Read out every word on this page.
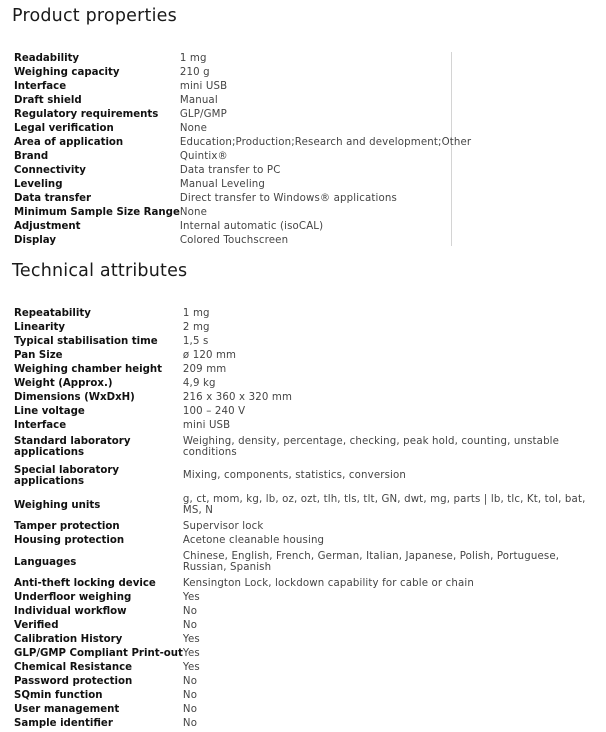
Product properties
Readability	1 mg
Weighing capacity	210 g
Interface	mini USB
Draft shield	Manual
Regulatory requirements	GLP/GMP
Legal verification	None
Area of application	Education;Production;Research and development;Other
Brand	Quintix®
Connectivity	Data transfer to PC
Leveling	Manual Leveling
Data transfer	Direct transfer to Windows® applications
Minimum Sample Size Range	None
Adjustment	Internal automatic (isoCAL)
Display	Colored Touchscreen
Technical attributes
Repeatability	1 mg
Linearity	2 mg
Typical stabilisation time	1,5 s
Pan Size	ø 120 mm
Weighing chamber height	209 mm
Weight (Approx.)	4,9 kg
Dimensions (WxDxH)	216 x 360 x 320 mm
Line voltage	100 – 240 V
Interface	mini USB
Standard laboratory applications	Weighing, density, percentage, checking, peak hold, counting, unstable conditions
Special laboratory applications	Mixing, components, statistics, conversion
Weighing units	g, ct, mom, kg, lb, oz, ozt, tlh, tls, tlt, GN, dwt, mg, parts | lb, tlc, Kt, tol, bat, MS, N
Tamper protection	Supervisor lock
Housing protection	Acetone cleanable housing
Languages	Chinese, English, French, German, Italian, Japanese, Polish, Portuguese, Russian, Spanish
Anti-theft locking device	Kensington Lock, lockdown capability for cable or chain
Underfloor weighing	Yes
Individual workflow	No
Verified	No
Calibration History	Yes
GLP/GMP Compliant Print-out	Yes
Chemical Resistance	Yes
Password protection	No
SQmin function	No
User management	No
Sample identifier	No
